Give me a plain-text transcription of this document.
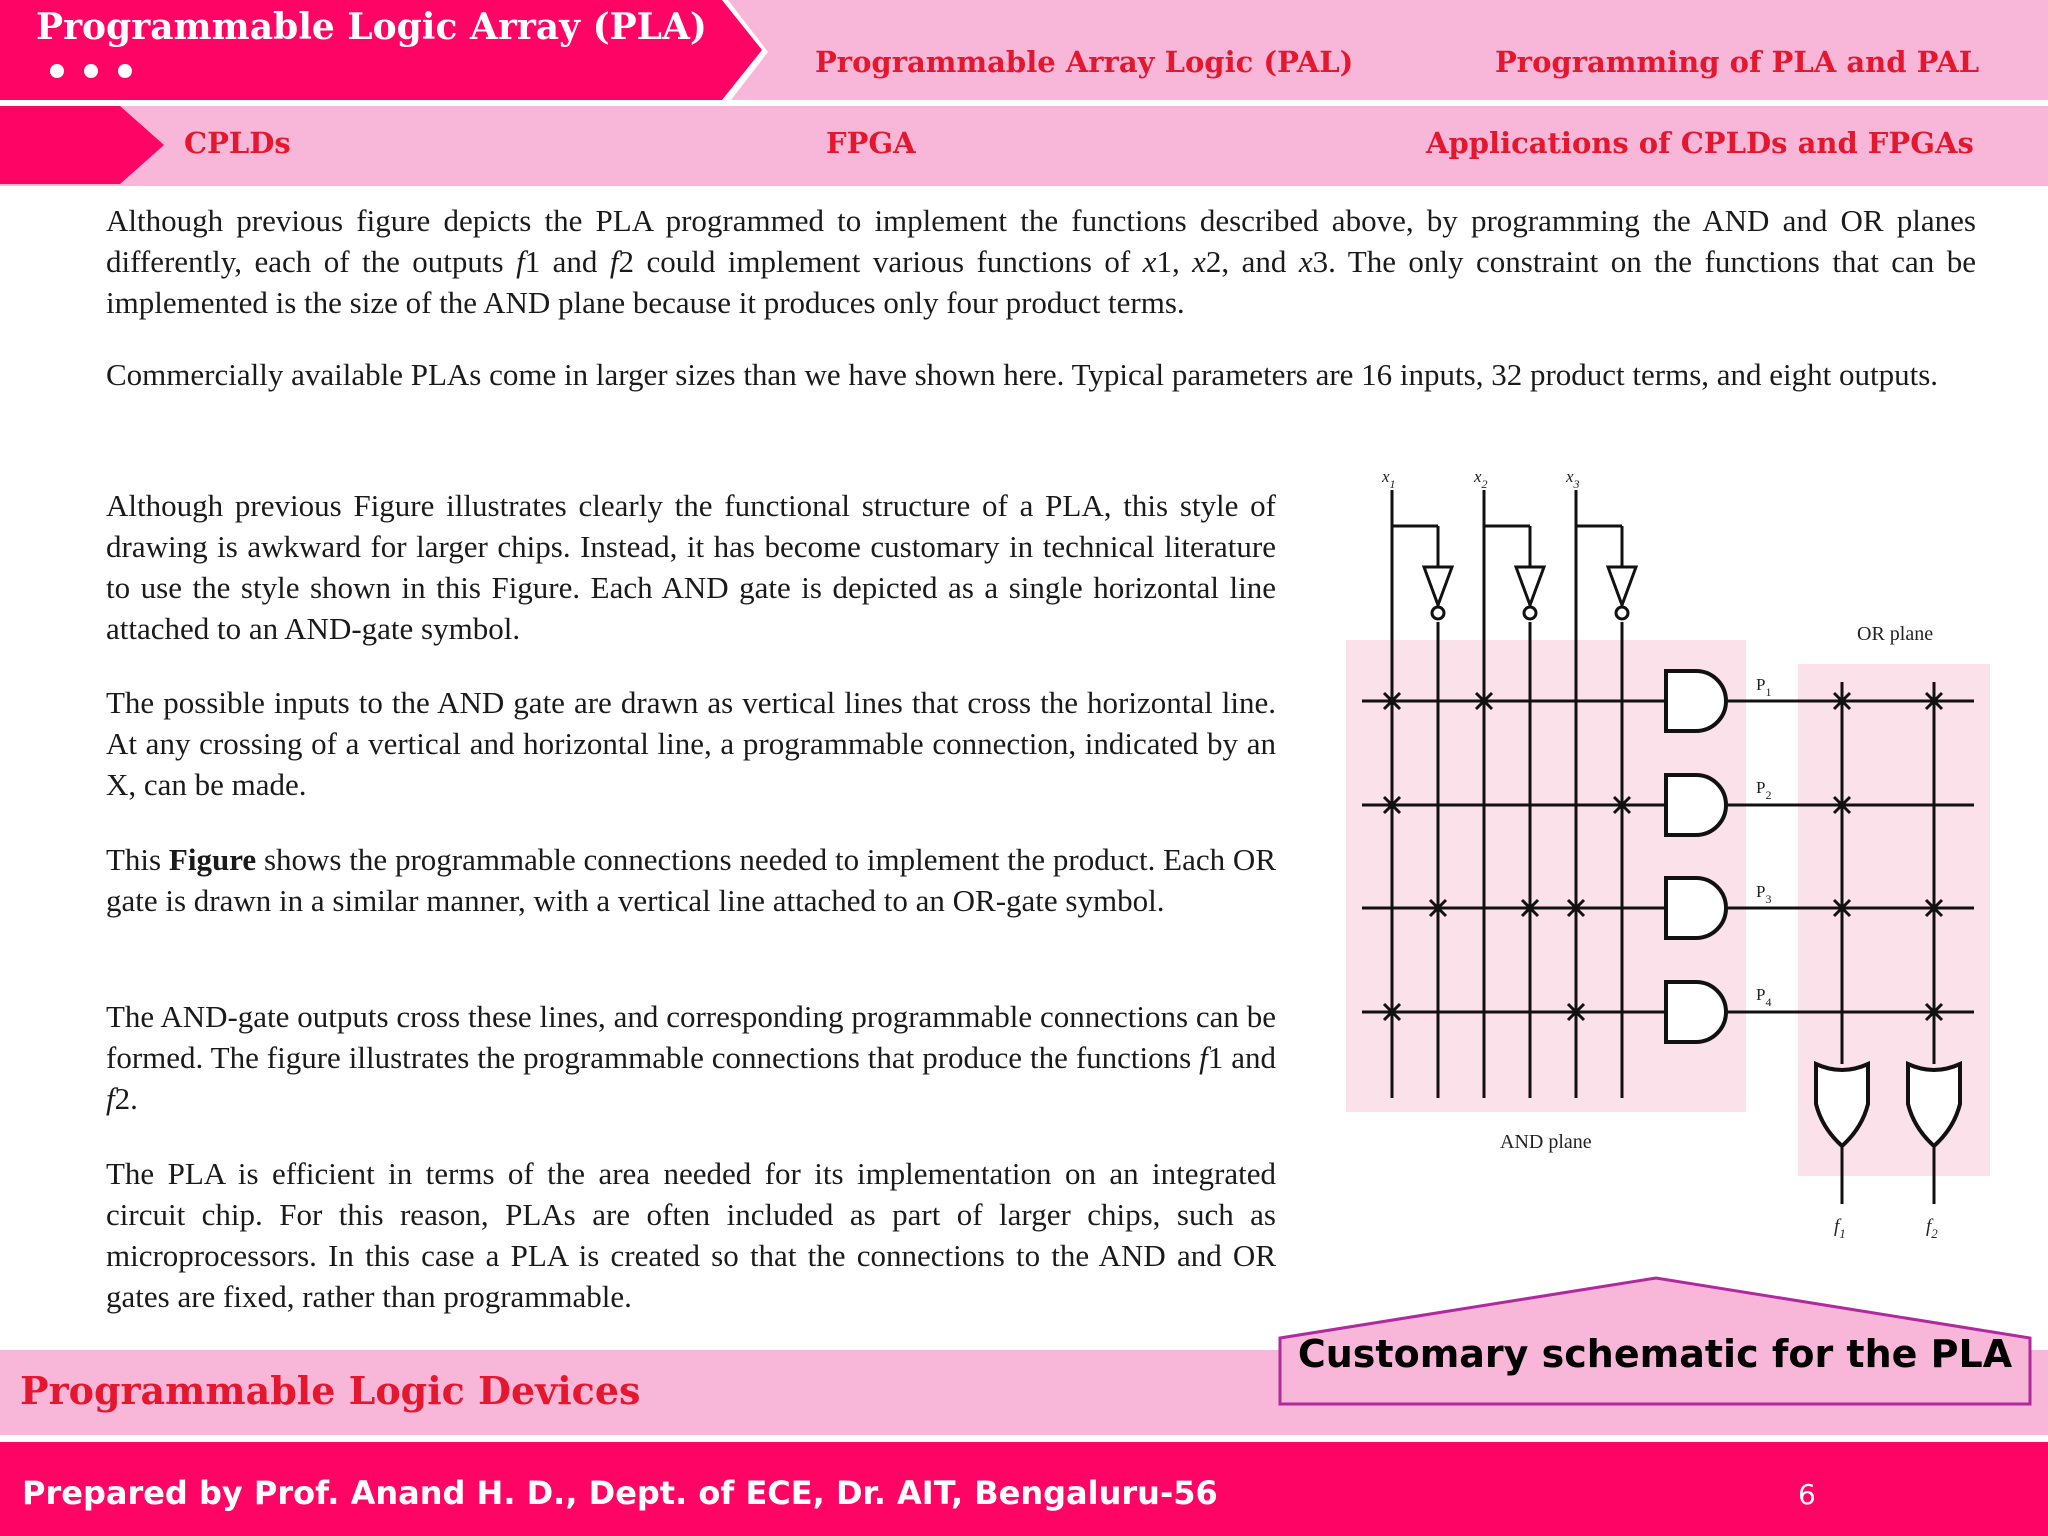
Programmable Logic Array (PLA)
Programmable Array Logic (PAL)	Programming of PLA and PAL
CPLDs	FPGA	Applications of CPLDs and FPGAs

Although previous figure depicts the PLA programmed to implement the functions described above, by programming the AND and OR planes differently, each of the outputs f1 and f2 could implement various functions of x1, x2, and x3. The only constraint on the functions that can be implemented is the size of the AND plane because it produces only four product terms.

Commercially available PLAs come in larger sizes than we have shown here. Typical parameters are 16 inputs, 32 product terms, and eight outputs.

Although previous Figure illustrates clearly the functional structure of a PLA, this style of drawing is awkward for larger chips. Instead, it has become customary in technical literature to use the style shown in this Figure. Each AND gate is depicted as a single horizontal line attached to an AND-gate symbol.

The possible inputs to the AND gate are drawn as vertical lines that cross the horizontal line. At any crossing of a vertical and horizontal line, a programmable connection, indicated by an X, can be made.

This Figure shows the programmable connections needed to implement the product. Each OR gate is drawn in a similar manner, with a vertical line attached to an OR-gate symbol.

The AND-gate outputs cross these lines, and corresponding programmable connections can be formed. The figure illustrates the programmable connections that produce the functions f1 and f2.

The PLA is efficient in terms of the area needed for its implementation on an integrated circuit chip. For this reason, PLAs are often included as part of larger chips, such as microprocessors. In this case a PLA is created so that the connections to the AND and OR gates are fixed, rather than programmable.

$x_1$	$x_2$	$x_3$
$P_1$
$P_2$
$P_3$
$P_4$
OR plane
AND plane
$f_1$	$f_2$
Programmable Logic Devices
Customary schematic for the PLA
Prepared by Prof. Anand H. D., Dept. of ECE, Dr. AIT, Bengaluru-56	6
